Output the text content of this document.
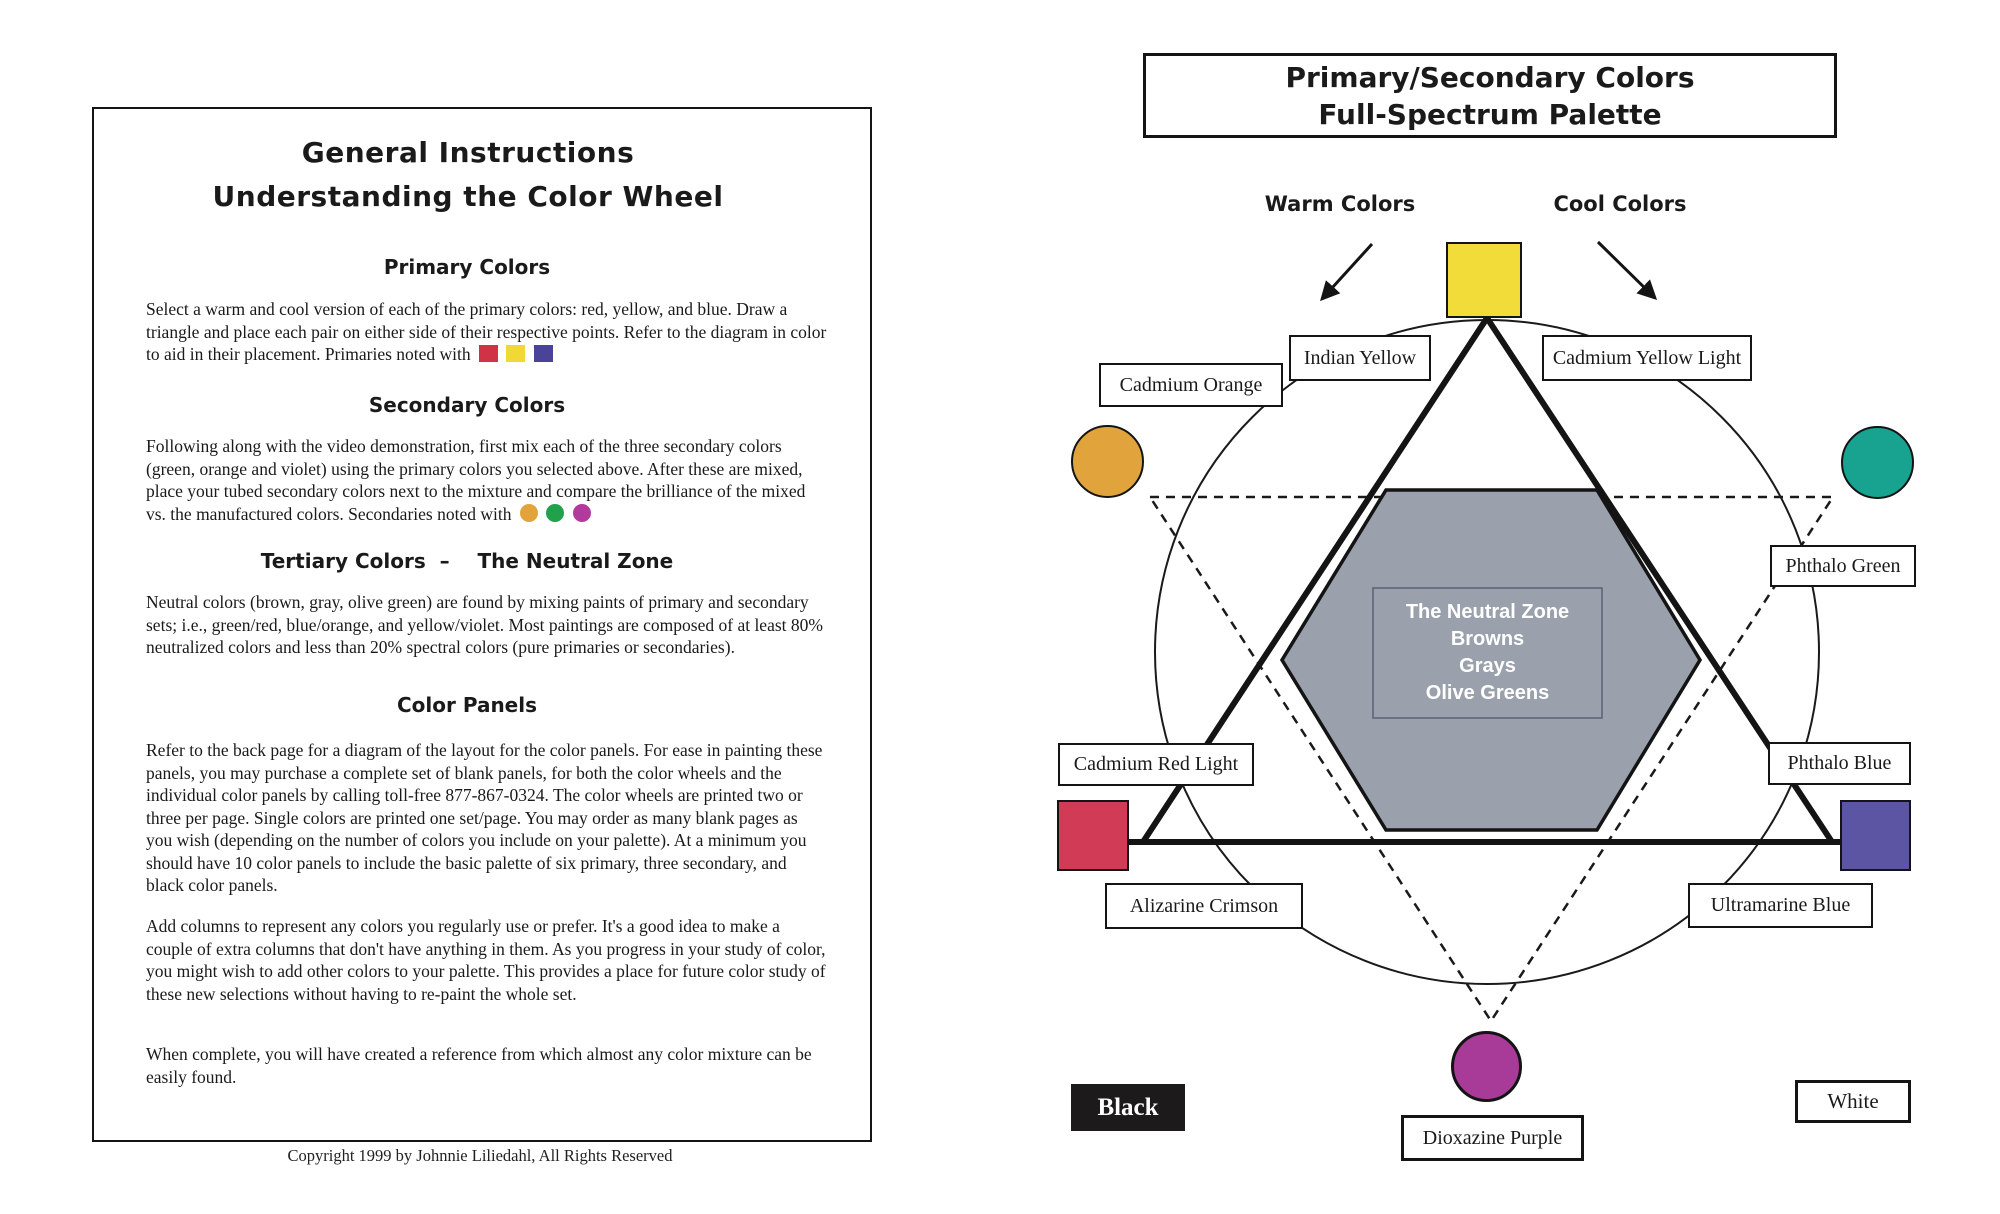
General Instructions
Understanding the Color Wheel
Primary Colors

Select a warm and cool version of each of the primary colors: red, yellow, and blue. Draw a triangle and place each pair on either side of their respective points. Refer to the diagram in color to aid in their placement. Primaries noted with

Secondary Colors

Following along with the video demonstration, first mix each of the three secondary colors (green, orange and violet) using the primary colors you selected above. After these are mixed, place your tubed secondary colors next to the mixture and compare the brilliance of the mixed vs. the manufactured colors. Secondaries noted with

Tertiary Colors  –    The Neutral Zone

Neutral colors (brown, gray, olive green) are found by mixing paints of primary and secondary sets; i.e., green/red, blue/orange, and yellow/violet. Most paintings are composed of at least 80% neutralized colors and less than 20% spectral colors (pure primaries or secondaries).

Color Panels

Refer to the back page for a diagram of the layout for the color panels. For ease in painting these panels, you may purchase a complete set of blank panels, for both the color wheels and the individual color panels by calling toll-free 877-867-0324. The color wheels are printed two or three per page. Single colors are printed one set/page. You may order as many blank pages as you wish (depending on the number of colors you include on your palette). At a minimum you should have 10 color panels to include the basic palette of six primary, three secondary, and black color panels.

Add columns to represent any colors you regularly use or prefer. It's a good idea to make a couple of extra columns that don't have anything in them. As you progress in your study of color, you might wish to add other colors to your palette. This provides a place for future color study of these new selections without having to re-paint the whole set.

When complete, you will have created a reference from which almost any color mixture can be easily found.

Copyright 1999 by Johnnie Liliedahl, All Rights Reserved
Primary/Secondary Colors
Full-Spectrum Palette
Warm Colors	Cool Colors
The Neutral Zone
Browns
Grays
Olive Greens
Indian Yellow	Cadmium Yellow Light
Cadmium Orange
Phthalo Green
Cadmium Red Light	Phthalo Blue
Alizarine Crimson	Ultramarine Blue
Dioxazine Purple
Black	White
